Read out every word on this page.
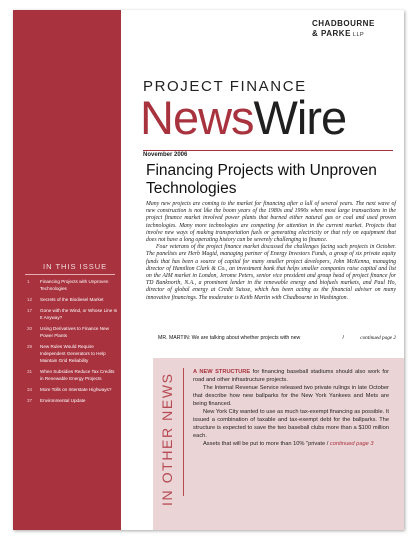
CHADBOURNE
& PARKE LLP
PROJECT FINANCE
NewsWire
November 2006
Financing Projects with Unproven Technologies

Many new projects are coming to the market for financing after a lull of several years. The next wave of new construction is not like the boom years of the 1980s and 1990s when most large transactions in the project finance market involved power plants that burned either natural gas or coal and used proven technologies. Many more technologies are competing for attention in the current market. Projects that involve new ways of making transportation fuels or generating electricity or that rely on equipment that does not have a long operating history can be severely challenging to finance.

Four veterans of the project finance market discussed the challenges facing such projects in October. The panelists are Herb Magid, managing partner of Energy Investors Funds, a group of six private equity funds that has been a source of capital for many smaller project developers, John McKenna, managing director of Hamilton Clark & Co., an investment bank that helps smaller companies raise capital and list on the AIM market in London, Jerome Peters, senior vice president and group head of project finance for TD Banknorth, N.A., a prominent lender in the renewable energy and biofuels markets, and Paul Ho, director of global energy at Credit Suisse, which has been acting as the financial adviser on many innovative financings. The moderator is Keith Martin with Chadbourne in Washington.

MR. MARTIN: We are talking about whether projects with new	/	continued page 2
IN THIS ISSUE
1	Financing Projects with Unproven Technologies
12	Secrets of the Biodiesel Market
17	Gone with the Wind, or Whose Line Is It Anyway?
20	Using Derivatives to Finance New Power Plants
29	New Rules Would Require Independent Generators to Help Maintain Grid Reliability
31	When Subsidies Reduce Tax Credits in Renewable Energy Projects
34	More Tolls on Interstate Highways?
37	Environmental Update	IN OTHER NEWS

A NEW STRUCTURE for financing baseball stadiums should also work for road and other infrastructure projects.

The Internal Revenue Service released two private rulings in late October that describe how new ballparks for the New York Yankees and Mets are being financed.

New York City wanted to use as much tax-exempt financing as possible. It issued a combination of taxable and tax-exempt debt for the ballparks. The structure is expected to save the two baseball clubs more than a $100 million each.

Assets that will be put to more than 10% "private / continued page 3
